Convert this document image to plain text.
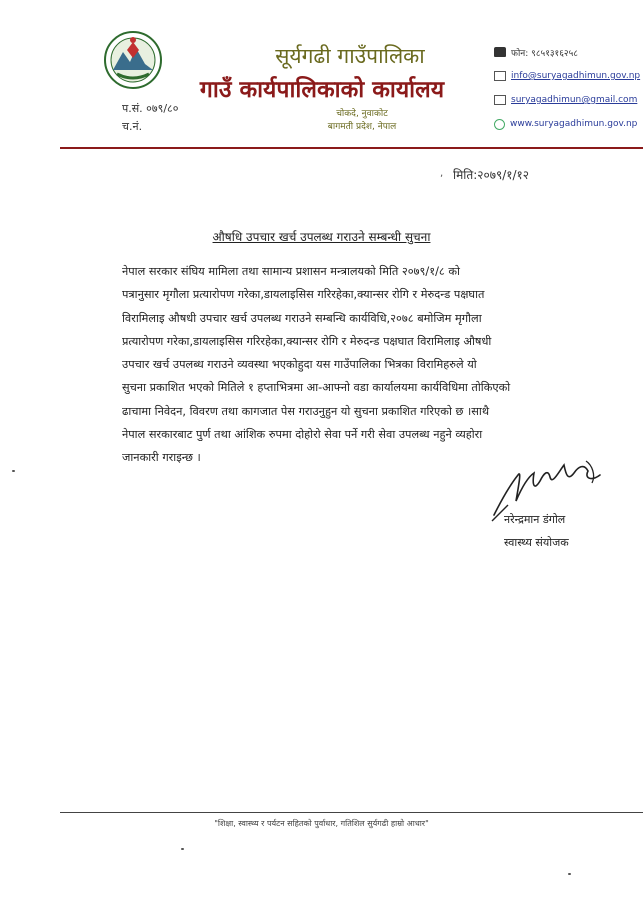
सूर्यगढी गाउँपालिका
गाउँ कार्यपालिकाको कार्यालय
चोकदे, नुवाकोट
बागमती प्रदेश, नेपाल
प.सं. ०७९/८०
च.नं.
फोन: ९८५१३१६२५८
info@suryagadhimun.gov.np
suryagadhimun@gmail.com
www.suryagadhimun.gov.np
, मिति:२०७९/१/१२
औषधि उपचार खर्च उपलब्ध गराउने सम्बन्धी सुचना
नेपाल सरकार संघिय मामिला तथा सामान्य प्रशासन मन्त्रालयको मिति २०७९/१/८ को
पत्रानुसार मृगौला प्रत्यारोपण गरेका,डायलाइसिस गरिरहेका,क्यान्सर रोगि र मेरुदन्ड पक्षघात
विरामिलाइ औषधी उपचार खर्च उपलब्ध गराउने सम्बन्धि कार्यविधि,२०७८ बमोजिम मृगौला
प्रत्यारोपण गरेका,डायलाइसिस गरिरहेका,क्यान्सर रोगि र मेरुदन्ड पक्षघात विरामिलाइ औषधी
उपचार खर्च उपलब्ध गराउने व्यवस्था भएकोहुदा यस गाउँपालिका भित्रका विरामिहरुले यो
सुचना प्रकाशित भएको मितिले १ हप्ताभित्रमा आ-आफ्नो वडा कार्यालयमा कार्यविधिमा तोकिएको
ढाचामा निवेदन, विवरण तथा कागजात पेस गराउनुहुन यो सुचना प्रकाशित गरिएको छ ।साथै
नेपाल सरकारबाट पुर्ण तथा आंशिक रुपमा दोहोरो सेवा पर्ने गरी सेवा उपलब्ध नहुने व्यहोरा
जानकारी गराइन्छ ।
नरेन्द्रमान डंगोल
स्वास्थ्य संयोजक
"शिक्षा, स्वास्थ्य र पर्यटन सहितको पुर्वाधार, गतिशिल सुर्यगढी हाम्रो आधार"
